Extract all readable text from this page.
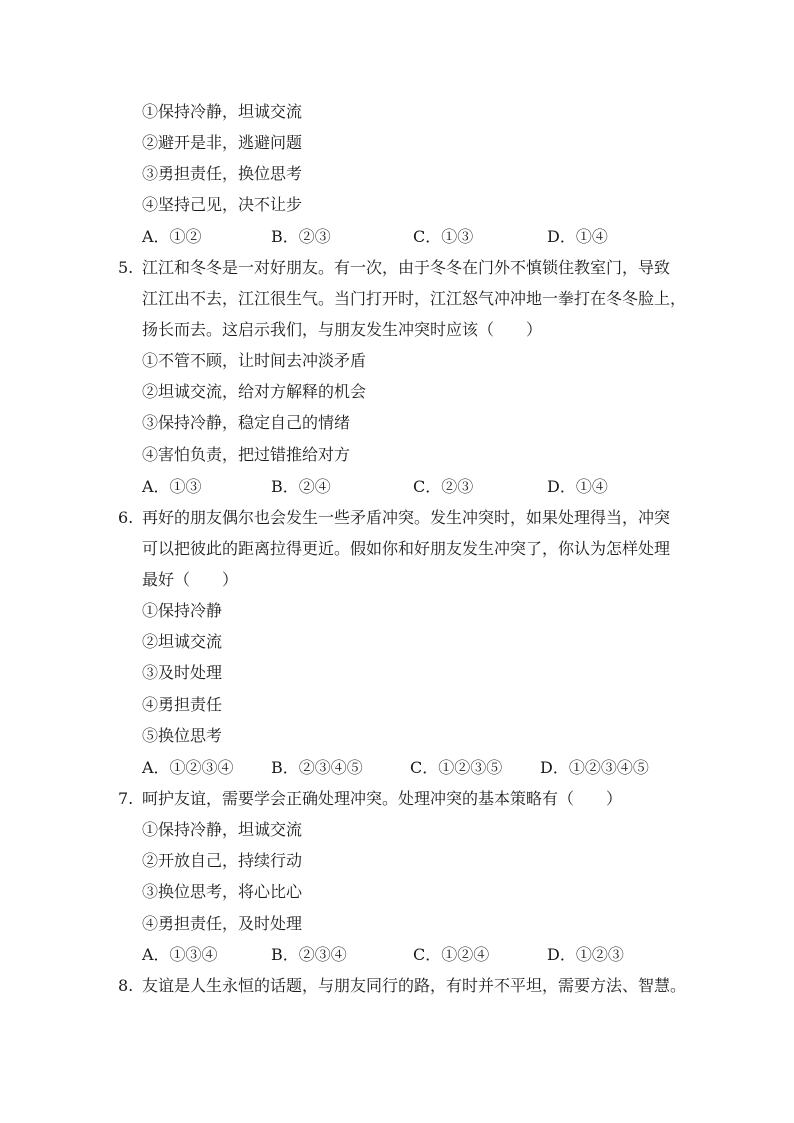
①保持冷静，坦诚交流
②避开是非，逃避问题
③勇担责任，换位思考
④坚持己见，决不让步
A．①②	B．②③	C．①③	D．①④
5. 江江和冬冬是一对好朋友。有一次，由于冬冬在门外不慎锁住教室门，导致
江江出不去，江江很生气。当门打开时，江江怒气冲冲地一拳打在冬冬脸上，
扬长而去。这启示我们，与朋友发生冲突时应该（　　）
①不管不顾，让时间去冲淡矛盾
②坦诚交流，给对方解释的机会
③保持冷静，稳定自己的情绪
④害怕负责，把过错推给对方
A．①③	B．②④	C．②③	D．①④
6. 再好的朋友偶尔也会发生一些矛盾冲突。发生冲突时，如果处理得当，冲突
可以把彼此的距离拉得更近。假如你和好朋友发生冲突了，你认为怎样处理
最好（　　）
①保持冷静
②坦诚交流
③及时处理
④勇担责任
⑤换位思考
A．①②③④ B．②③④⑤	C．①②③⑤ D．①②③④⑤
7. 呵护友谊，需要学会正确处理冲突。处理冲突的基本策略有（　　）
①保持冷静，坦诚交流
②开放自己，持续行动
③换位思考，将心比心
④勇担责任，及时处理
A．①③④	B．②③④	C．①②④	D．①②③
8. 友谊是人生永恒的话题，与朋友同行的路，有时并不平坦，需要方法、智慧。
